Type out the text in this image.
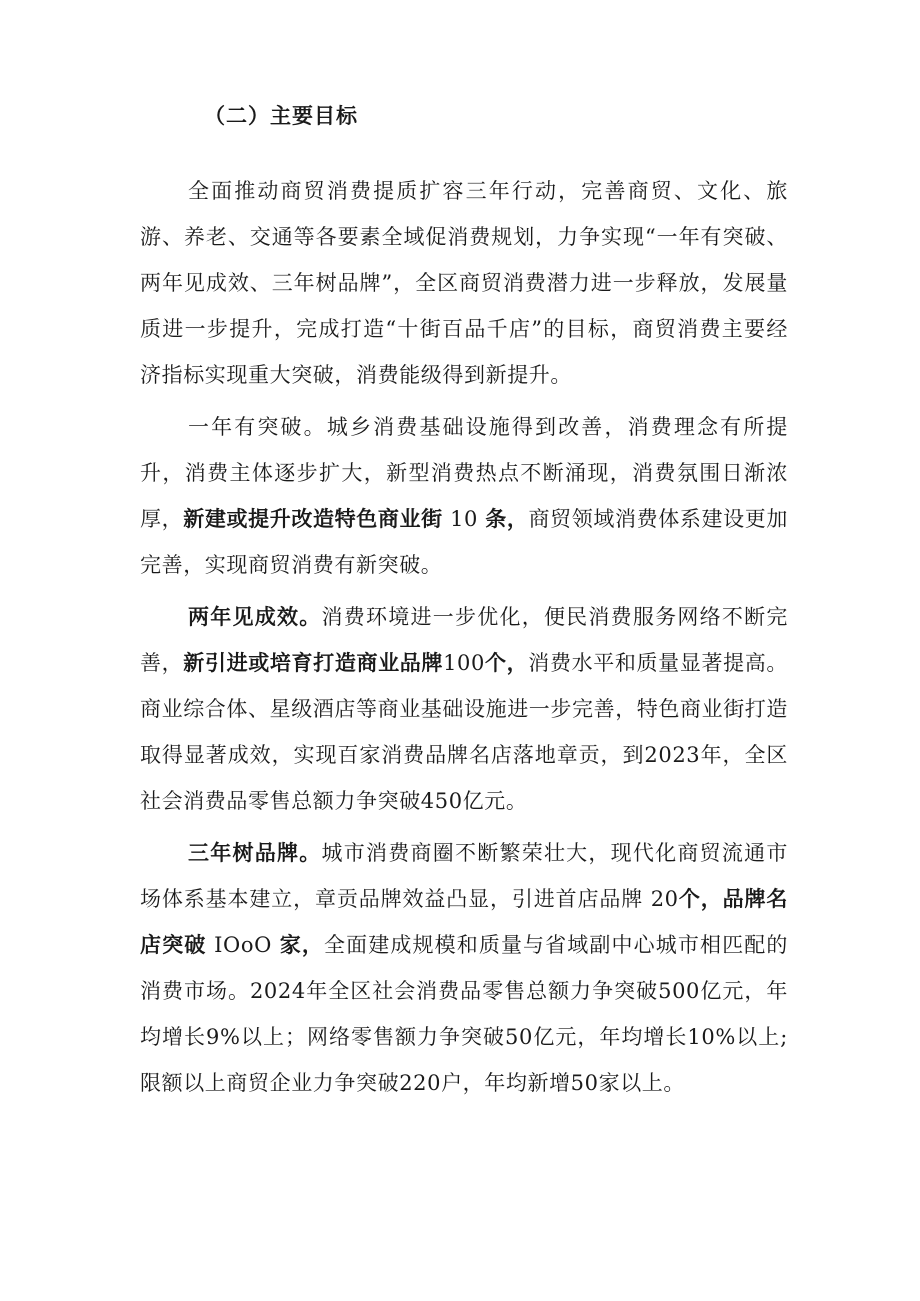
（二）主要目标

全面推动商贸消费提质扩容三年行动，完善商贸、文化、旅游、养老、交通等各要素全域促消费规划，力争实现“一年有突破、两年见成效、三年树品牌”，全区商贸消费潜力进一步释放，发展量质进一步提升，完成打造“十街百品千店”的目标，商贸消费主要经济指标实现重大突破，消费能级得到新提升。

一年有突破。城乡消费基础设施得到改善，消费理念有所提升，消费主体逐步扩大，新型消费热点不断涌现，消费氛围日渐浓厚，新建或提升改造特色商业街 10 条，商贸领域消费体系建设更加完善，实现商贸消费有新突破。

两年见成效。消费环境进一步优化，便民消费服务网络不断完善，新引进或培育打造商业品牌100个，消费水平和质量显著提高。商业综合体、星级酒店等商业基础设施进一步完善，特色商业街打造取得显著成效，实现百家消费品牌名店落地章贡，到2023年，全区社会消费品零售总额力争突破450亿元。

三年树品牌。城市消费商圈不断繁荣壮大，现代化商贸流通市场体系基本建立，章贡品牌效益凸显，引进首店品牌 20个，品牌名店突破 IOoO 家，全面建成规模和质量与省域副中心城市相匹配的消费市场。2024年全区社会消费品零售总额力争突破500亿元，年均增长9%以上；网络零售额力争突破50亿元，年均增长10%以上;限额以上商贸企业力争突破220户，年均新增50家以上。
